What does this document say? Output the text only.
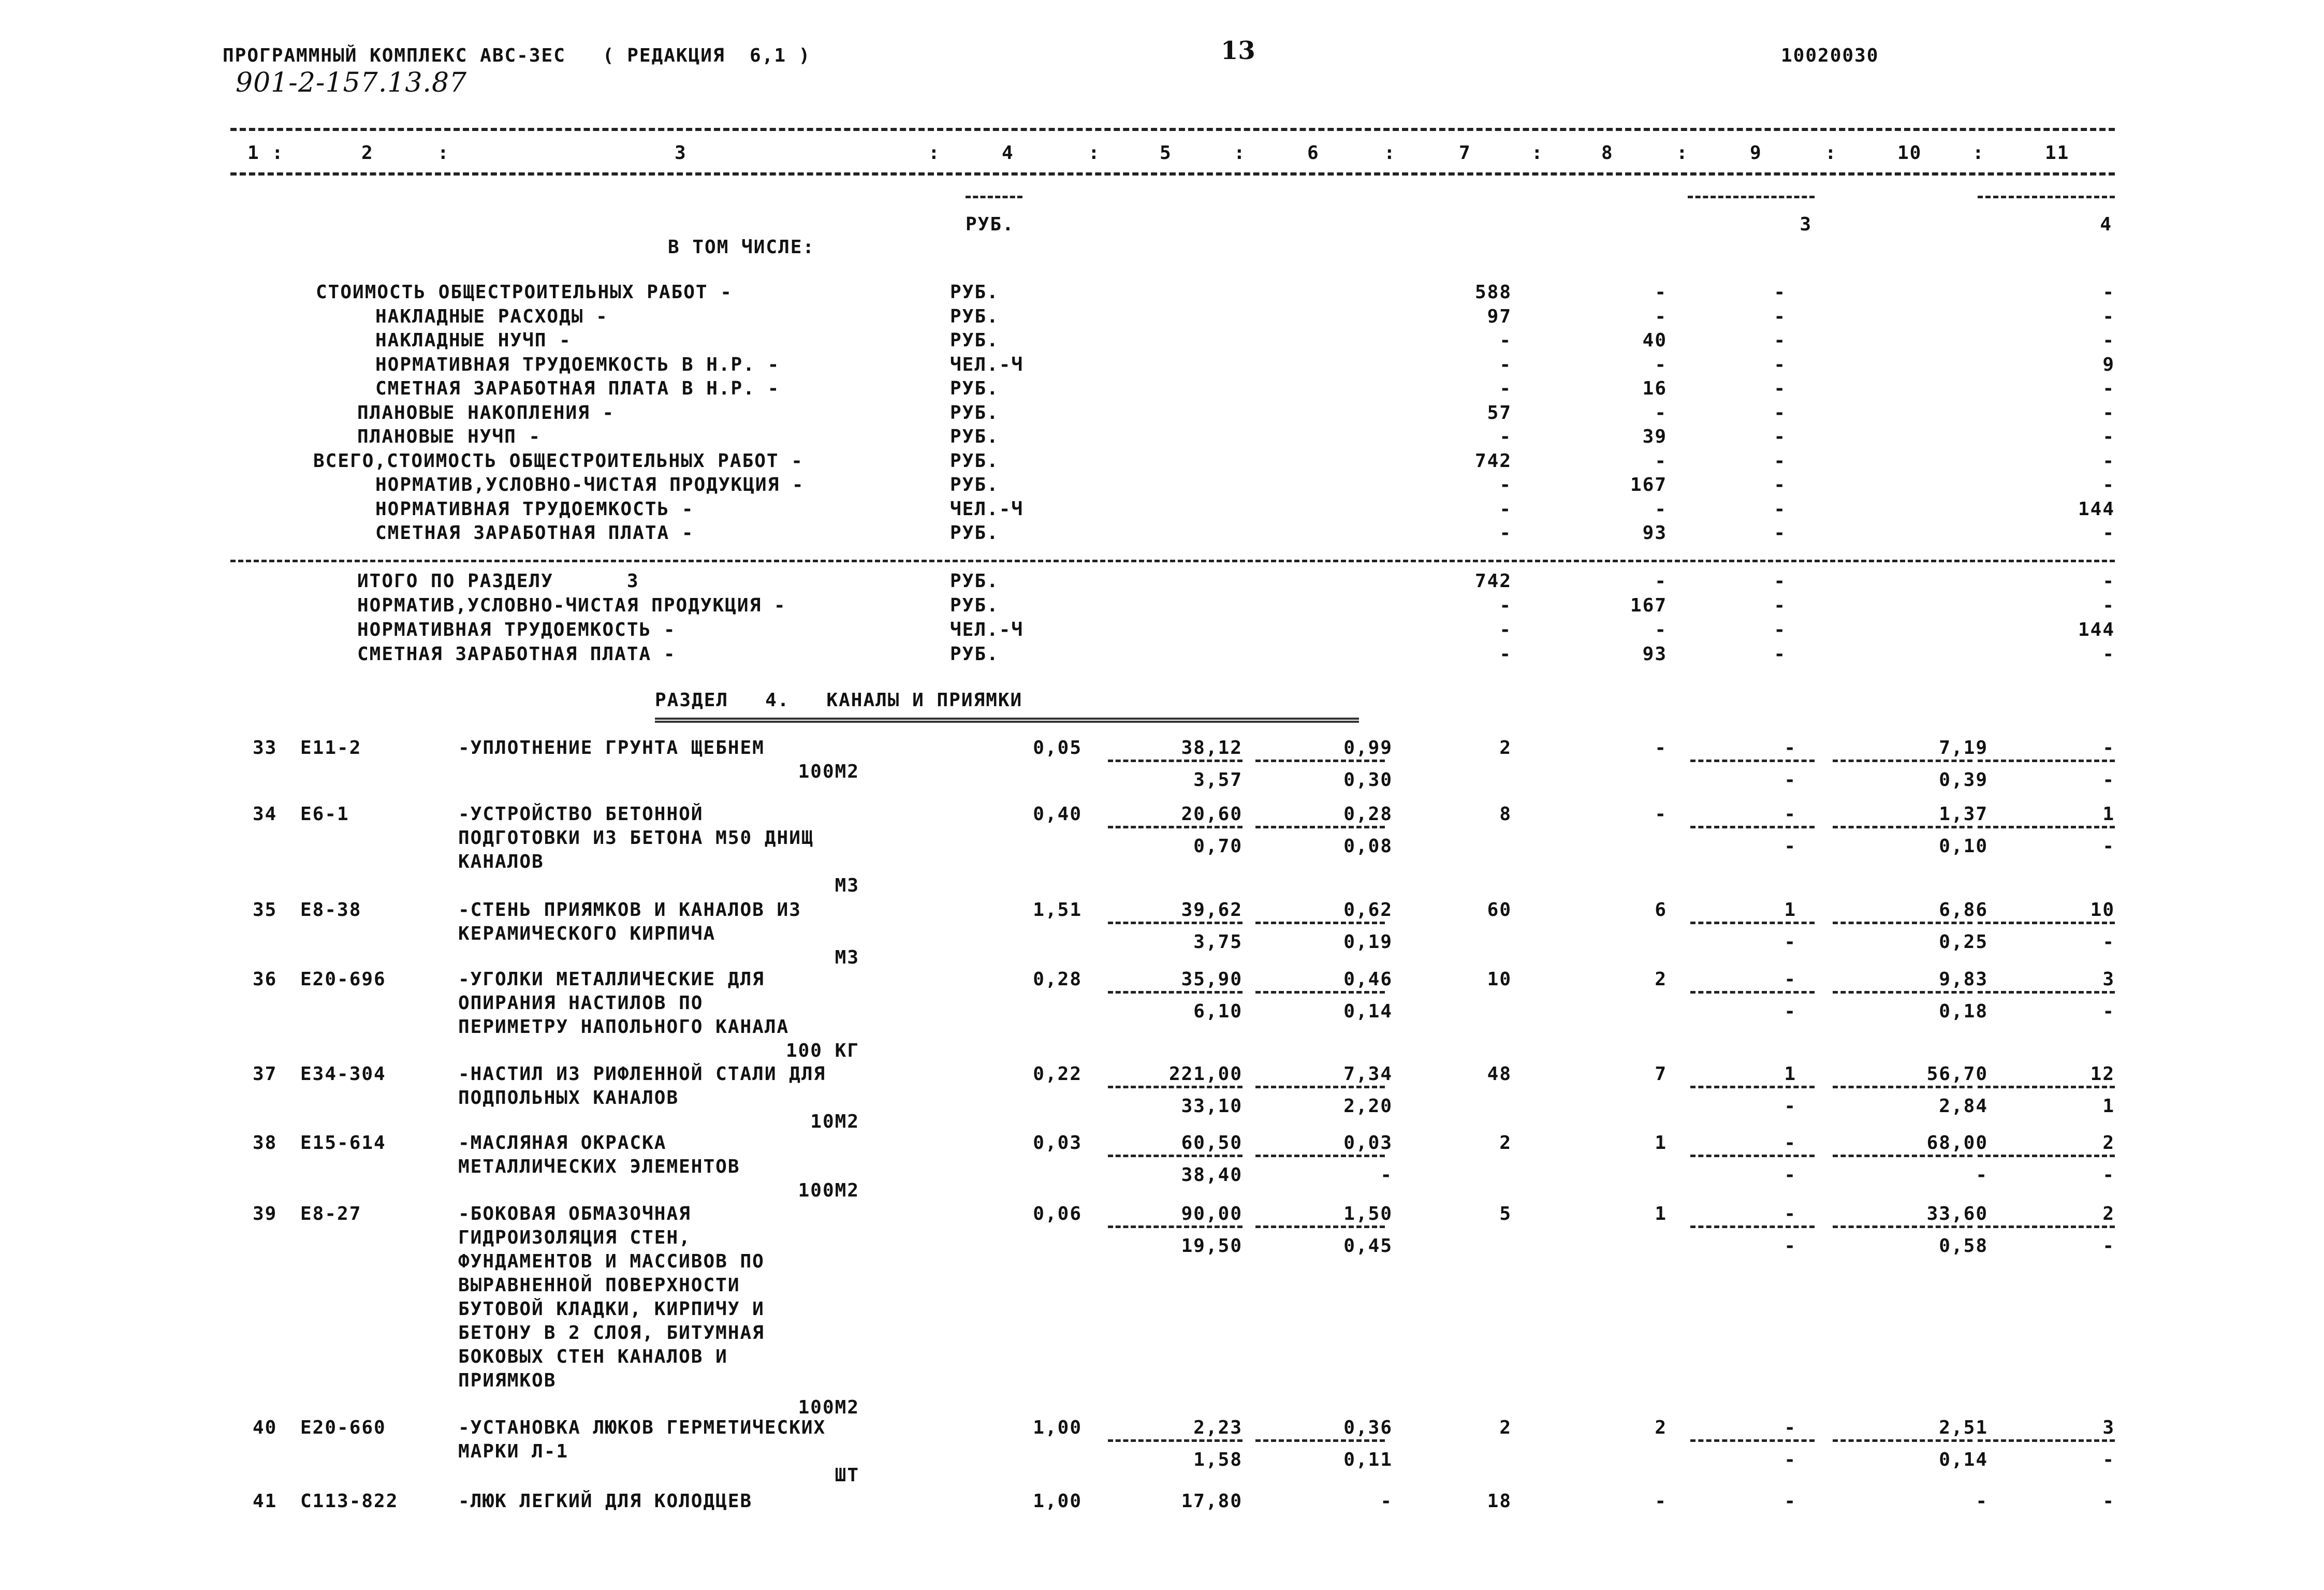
ПРОГРАММНЫЙ КОМПЛЕКС АВС-ЗЕС   ( РЕДАКЦИЯ  6,1 )	13	10020030
901-2-157.13.87
1 :	2	:	3	:	4	:	5	:	6	:	7	:	8	:	9	:	10	:	11
РУБ.	3	4
В ТОМ ЧИСЛЕ:
СТОИМОСТЬ ОБЩЕСТРОИТЕЛЬНЫХ РАБОТ -	РУБ.	588	-	-	-
НАКЛАДНЫЕ РАСХОДЫ -	РУБ.	97	-	-	-
НАКЛАДНЫЕ НУЧП -	РУБ.	-	40	-	-
НОРМАТИВНАЯ ТРУДОЕМКОСТЬ В Н.Р. -	ЧЕЛ.-Ч	-	-	-	9
СМЕТНАЯ ЗАРАБОТНАЯ ПЛАТА В Н.Р. -	РУБ.	-	16	-	-
ПЛАНОВЫЕ НАКОПЛЕНИЯ -	РУБ.	57	-	-	-
ПЛАНОВЫЕ НУЧП -	РУБ.	-	39	-	-
ВСЕГО,СТОИМОСТЬ ОБЩЕСТРОИТЕЛЬНЫХ РАБОТ -	РУБ.	742	-	-	-
НОРМАТИВ,УСЛОВНО-ЧИСТАЯ ПРОДУКЦИЯ -	РУБ.	-	167	-	-
НОРМАТИВНАЯ ТРУДОЕМКОСТЬ -	ЧЕЛ.-Ч	-	-	-	144
СМЕТНАЯ ЗАРАБОТНАЯ ПЛАТА -	РУБ.	-	93	-	-
ИТОГО ПО РАЗДЕЛУ      3	РУБ.	742	-	-	-
НОРМАТИВ,УСЛОВНО-ЧИСТАЯ ПРОДУКЦИЯ -	РУБ.	-	167	-	-
НОРМАТИВНАЯ ТРУДОЕМКОСТЬ -	ЧЕЛ.-Ч	-	-	-	144
СМЕТНАЯ ЗАРАБОТНАЯ ПЛАТА -	РУБ.	-	93	-	-
РАЗДЕЛ   4.   КАНАЛЫ И ПРИЯМКИ
33 Е11-2	-УПЛОТНЕНИЕ ГРУНТА ЩЕБНЕМ
100М2
0,05	38,12	0,99	2	-	-	7,19	-
3,57	0,30	-	0,39	-
34 Е6-1	-УСТРОЙСТВО БЕТОННОЙ
ПОДГОТОВКИ ИЗ БЕТОНА М50 ДНИЩ
КАНАЛОВ
М3
0,40	20,60	0,28	8	-	-	1,37	1
0,70	0,08	-	0,10	-
35 Е8-38	-СТЕНЬ ПРИЯМКОВ И КАНАЛОВ ИЗ
КЕРАМИЧЕСКОГО КИРПИЧА
М3
1,51	39,62	0,62	60	6	1	6,86	10
3,75	0,19	-	0,25	-
36 Е20-696	-УГОЛКИ МЕТАЛЛИЧЕСКИЕ ДЛЯ
ОПИРАНИЯ НАСТИЛОВ ПО
ПЕРИМЕТРУ НАПОЛЬНОГО КАНАЛА
100 КГ
0,28	35,90	0,46	10	2	-	9,83	3
6,10	0,14	-	0,18	-
37 Е34-304	-НАСТИЛ ИЗ РИФЛЕННОЙ СТАЛИ ДЛЯ
ПОДПОЛЬНЫХ КАНАЛОВ
10М2
0,22	221,00	7,34	48	7	1	56,70	12
33,10	2,20	-	2,84	1
38 Е15-614	-МАСЛЯНАЯ ОКРАСКА
МЕТАЛЛИЧЕСКИХ ЭЛЕМЕНТОВ
100М2
0,03	60,50	0,03	2	1	-	68,00	2
38,40	-	-	-	-
39 Е8-27	-БОКОВАЯ ОБМАЗОЧНАЯ
ГИДРОИЗОЛЯЦИЯ СТЕН,
ФУНДАМЕНТОВ И МАССИВОВ ПО
ВЫРАВНЕННОЙ ПОВЕРХНОСТИ
БУТОВОЙ КЛАДКИ, КИРПИЧУ И
БЕТОНУ В 2 СЛОЯ, БИТУМНАЯ
БОКОВЫХ СТЕН КАНАЛОВ И
ПРИЯМКОВ
100М2
0,06	90,00	1,50	5	1	-	33,60	2
19,50	0,45	-	0,58	-
40 Е20-660	-УСТАНОВКА ЛЮКОВ ГЕРМЕТИЧЕСКИХ
МАРКИ Л-1
ШТ
1,00	2,23	0,36	2	2	-	2,51	3
1,58	0,11	-	0,14	-
41 С113-822	-ЛЮК ЛЕГКИЙ ДЛЯ КОЛОДЦЕВ	1,00	17,80	-	18	-	-	-	-
